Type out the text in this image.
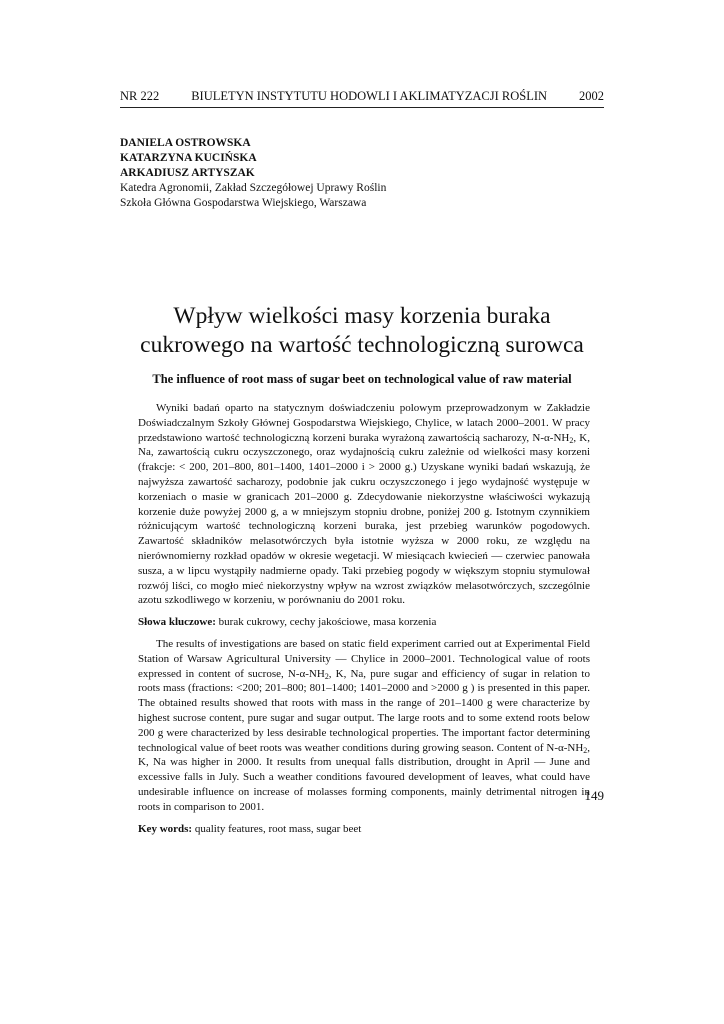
NR 222	BIULETYN INSTYTUTU HODOWLI I AKLIMATYZACJI ROŚLIN	2002
DANIELA OSTROWSKA
KATARZYNA KUCIŃSKA
ARKADIUSZ ARTYSZAK
Katedra Agronomii, Zakład Szczegółowej Uprawy Roślin
Szkoła Główna Gospodarstwa Wiejskiego, Warszawa
Wpływ wielkości masy korzenia buraka
cukrowego na wartość technologiczną surowca
The influence of root mass of sugar beet on technological value of raw material

Wyniki badań oparto na statycznym doświadczeniu polowym przeprowadzonym w Zakładzie Doświadczalnym Szkoły Głównej Gospodarstwa Wiejskiego, Chylice, w latach 2000–2001. W pracy przedstawiono wartość technologiczną korzeni buraka wyrażoną zawartością sacharozy, $N-\alpha-NH_2$, K, Na, zawartością cukru oczyszczonego, oraz wydajnością cukru zależnie od wielkości masy korzeni (frakcje: < 200, 201–800, 801–1400, 1401–2000 i > 2000 g.) Uzyskane wyniki badań wskazują, że najwyższa zawartość sacharozy, podobnie jak cukru oczyszczonego i jego wydajność występuje w korzeniach o masie w granicach 201–2000 g. Zdecydowanie niekorzystne właściwości wykazują korzenie duże powyżej 2000 g, a w mniejszym stopniu drobne, poniżej 200 g. Istotnym czynnikiem różnicującym wartość technologiczną korzeni buraka, jest przebieg warunków pogodowych. Zawartość składników melasotwórczych była istotnie wyższa w 2000 roku, ze względu na nierównomierny rozkład opadów w okresie wegetacji. W miesiącach kwiecień — czerwiec panowała susza, a w lipcu wystąpiły nadmierne opady. Taki przebieg pogody w większym stopniu stymulował rozwój liści, co mogło mieć niekorzystny wpływ na wzrost związków melasotwórczych, szczególnie azotu szkodliwego w korzeniu, w porównaniu do 2001 roku.

Słowa kluczowe: burak cukrowy, cechy jakościowe, masa korzenia

The results of investigations are based on static field experiment carried out at Experimental Field Station of Warsaw Agricultural University — Chylice in 2000–2001. Technological value of roots expressed in content of sucrose, $N-\alpha-NH_2$, K, Na, pure sugar and efficiency of sugar in relation to roots mass (fractions: <200; 201–800; 801–1400; 1401–2000 and >2000 g ) is presented in this paper. The obtained results showed that roots with mass in the range of 201–1400 g were characterize by highest sucrose content, pure sugar and sugar output. The large roots and to some extend roots below 200 g were characterized by less desirable technological properties. The important factor determining technological value of beet roots was weather conditions during growing season. Content of $N-\alpha-NH_2$, K, Na was higher in 2000. It results from unequal falls distribution, drought in April — June and excessive falls in July. Such a weather conditions favoured development of leaves, what could have undesirable influence on increase of molasses forming components, mainly detrimental nitrogen in roots in comparison to 2001.

Key words: quality features, root mass, sugar beet

149
